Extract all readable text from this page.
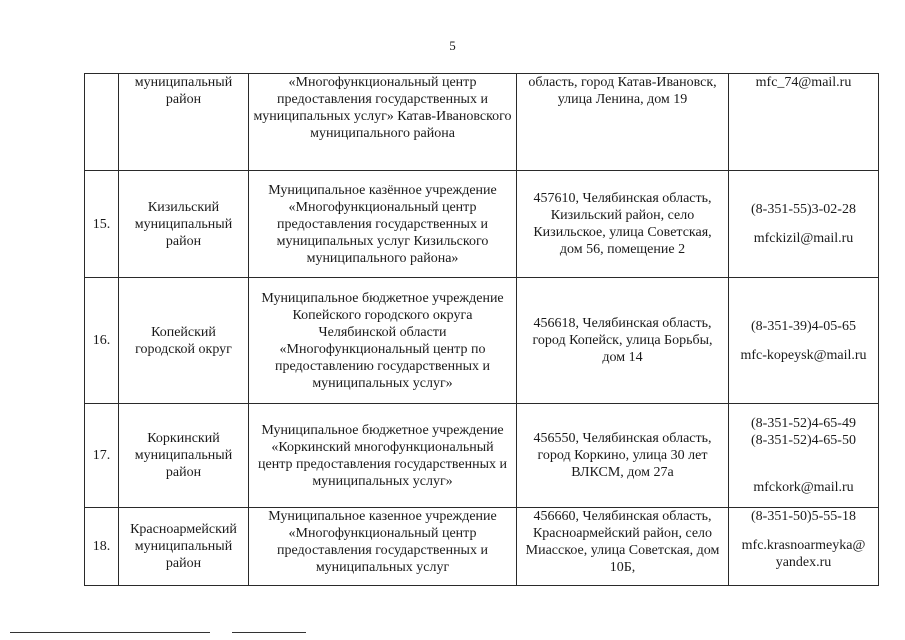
5
	муниципальный район	«Многофункциональный центр предоставления государственных и муниципальных услуг» Катав-Ивановского муниципального района	область, город Катав-Ивановск, улица Ленина, дом 19	mfc_74@mail.ru

15.	Кизильский муниципальный район	Муниципальное казённое учреждение «Многофункциональный центр предоставления государственных и муниципальных услуг Кизильского муниципального района»	457610, Челябинская область, Кизильский район, село Кизильское, улица Советская, дом 56, помещение 2	(8-351-55)3-02-28
mfckizil@mail.ru

16.	Копейский городской округ	Муниципальное бюджетное учреждение Копейского городского округа Челябинской области «Многофункциональный центр по предоставлению государственных и муниципальных услуг»	456618, Челябинская область, город Копейск, улица Борьбы, дом 14	(8-351-39)4-05-65
mfc-kopeysk@mail.ru

17.	Коркинский муниципальный район	Муниципальное бюджетное учреждение «Коркинский многофункциональный центр предоставления государственных и муниципальных услуг»	456550, Челябинская область, город Коркино, улица 30 лет ВЛКСМ, дом 27а	(8-351-52)4-65-49
(8-351-52)4-65-50
mfckork@mail.ru

18.	Красноармейский муниципальный район	Муниципальное казенное учреждение «Многофункциональный центр предоставления государственных и муниципальных услуг	456660, Челябинская область, Красноармейский район, село Миасское, улица Советская, дом 10Б,	(8-351-50)5-55-18
mfc.krasnoarmeyka@ yandex.ru
